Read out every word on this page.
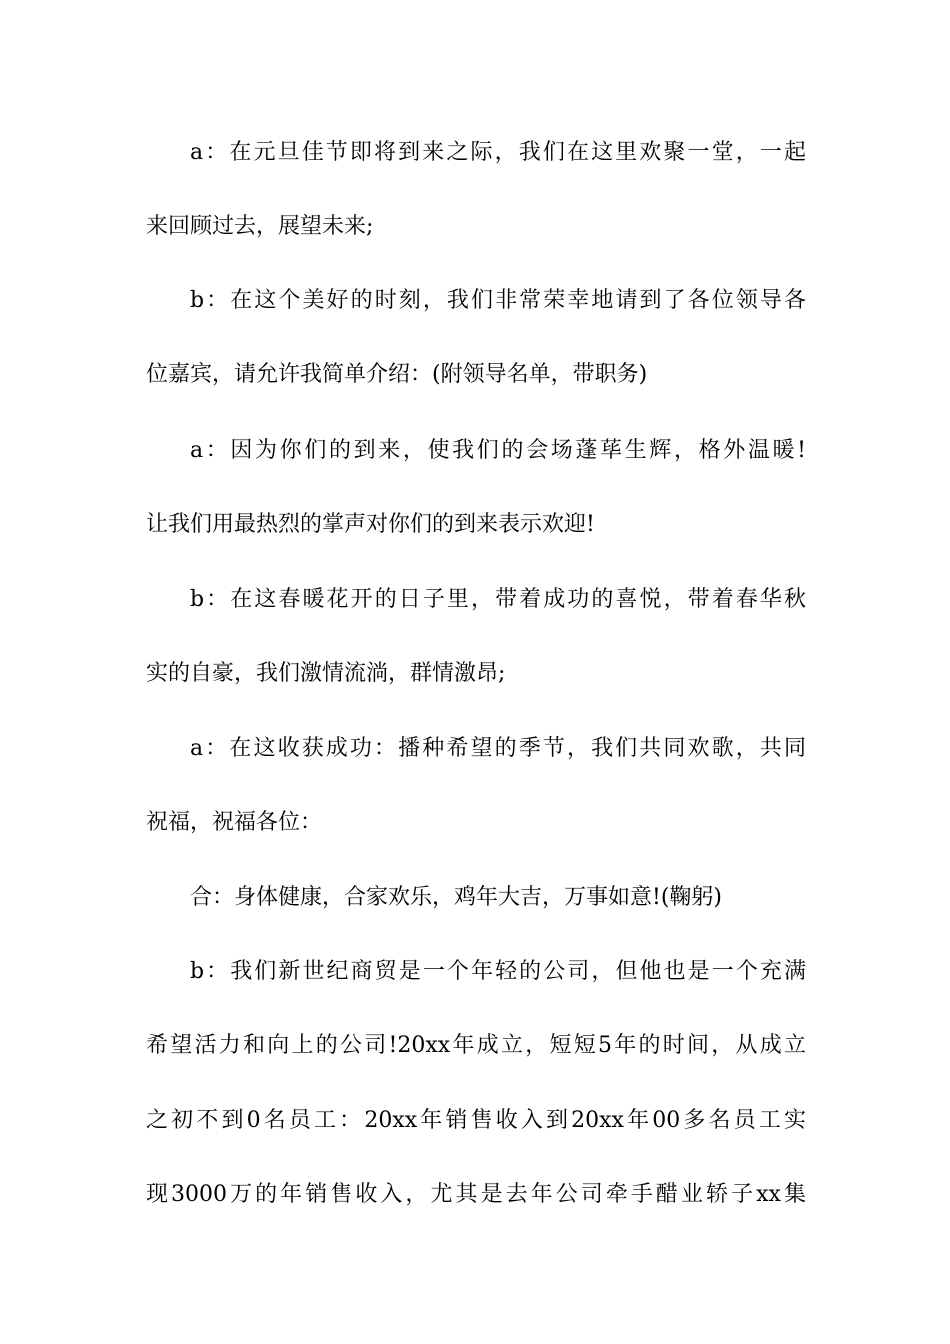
a：在元旦佳节即将到来之际，我们在这里欢聚一堂，一起
来回顾过去，展望未来;
b：在这个美好的时刻，我们非常荣幸地请到了各位领导各
位嘉宾，请允许我简单介绍：(附领导名单，带职务)
a：因为你们的到来，使我们的会场蓬荜生辉，格外温暖!
让我们用最热烈的掌声对你们的到来表示欢迎!
b：在这春暖花开的日子里，带着成功的喜悦，带着春华秋
实的自豪，我们激情流淌，群情激昂;
a：在这收获成功：播种希望的季节，我们共同欢歌，共同
祝福，祝福各位：
合：身体健康，合家欢乐，鸡年大吉，万事如意!(鞠躬)
b：我们新世纪商贸是一个年轻的公司，但他也是一个充满
希望活力和向上的公司!20xx年成立，短短5年的时间，从成立
之初不到0名员工：20xx年销售收入到20xx年00多名员工实
现3000万的年销售收入，尤其是去年公司牵手醋业轿子xx集
